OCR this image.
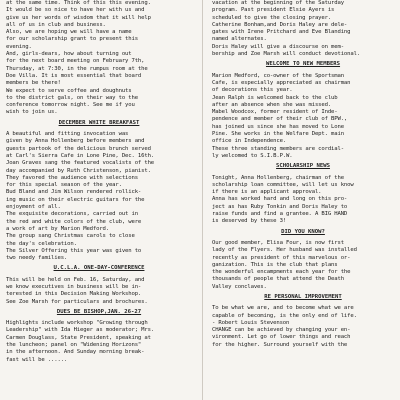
at the same time. Think of this this evening.
It would be so nice to have her with us and
give us her words of wisdom that it will help
all of us in club and business.
Also, we are hoping we will have a name
for our scholarship grant to present this
evening.
And, girls-dears, how about turning out
for the next board meeting on February 7th,
Thursday, at 7:30, in the rumpus room at the
Doe Villa. It is most essential that board
members be there!
We expect to serve coffee and doughnuts
to the district gals, on their way to the
conference tomorrow night. See me if you
wish to join us.
DECEMBER WHITE BREAKFAST
A beautiful and fitting invocation was
given by Anna Hollenberg before members and
guests partook of the delicious brunch served
at Carl's Sierra Cafe in Lone Pine, Dec. 16th.
Joan Graves sang the featured vocalists of the
day accompanied by Ruth Christenson, pianist.
They favored the audience with selections
for this special season of the year.
Bud Bland and Jim Wilson rendered rollick-
ing music on their electric guitars for the
enjoyment of all.
The exquisite decorations, carried out in
the red and white colors of the club, were
a work of art by Marion Medford.
The group sang Christmas carols to close
the day's celebration.
The Silver Offering this year was given to
two needy families.
U.C.L.A. ONE-DAY-CONFERENCE
This will be held on Feb. 16, Saturday, and
we know executives in business will be in-
terested in this Decision Making Workshop.
See Zoe Marsh for particulars and brochures.
DUES BE BISHOP,JAN. 26-27
Highlights include workshop "Growing through
Leadership" with Ida Hieger as moderator; Mrs.
Carmen Douglass, State President, speaking at
the luncheon; panel on "Widening Horizons"
in the afternoon. And Sunday morning break-
fast will be ......
vacation at the beginning of the Saturday
program. Past president Elsie Ayers is
scheduled to give the closing prayer.
Catherine Bonham,and Doris Haley are dele-
gates with Irene Pritchard and Eve Blanding
named alternates.
Doris Haley will give a discourse on mem-
bership and Zoe Marsh will conduct devotional.
WELCOME TO NEW MEMBERS
Marion Medford, co-owner of the Sportsman
Cafe, is especially appreciated as chairman
of decorations this year.
Jean Ralph is welcomed back to the club
after an absence when she was missed.
Mabel Woodcox, former resident of Inde-
pendence and member of their club of BPW.,
has joined us since she has moved to Lone
Pine. She works in the Welfare Dept. main
office in Independence.
These three standing members are cordial-
ly welcomed to S.I.B.P.W.
SCHOLARSHIP NEWS
Tonight, Anna Hollenberg, chairman of the
scholarship loan committee, will let us know
if there is an applicant approval.
Anna has worked hard and long on this pro-
ject as has Ruby Tonkin and Doris Haley to
raise funds and find a grantee. A BIG HAND
is deserved by these 3!
DID YOU KNOW?
Our good member, Elisa Four, is now first
lady of the Flyers. Her husband was installed
recently as president of this marvelous or-
ganization. This is the club that plans
the wonderful encampments each year for the
thousands of people that attend the Death
Valley conclaves.
RE PERSONAL IMPROVEMENT
To be what we are, and to become what we are
capable of becoming, is the only end of life.
- Robert Louis Stevenson
CHANGE can be achieved by changing your en-
vironment. Let go of lower things and reach
for the higher. Surround yourself with the
